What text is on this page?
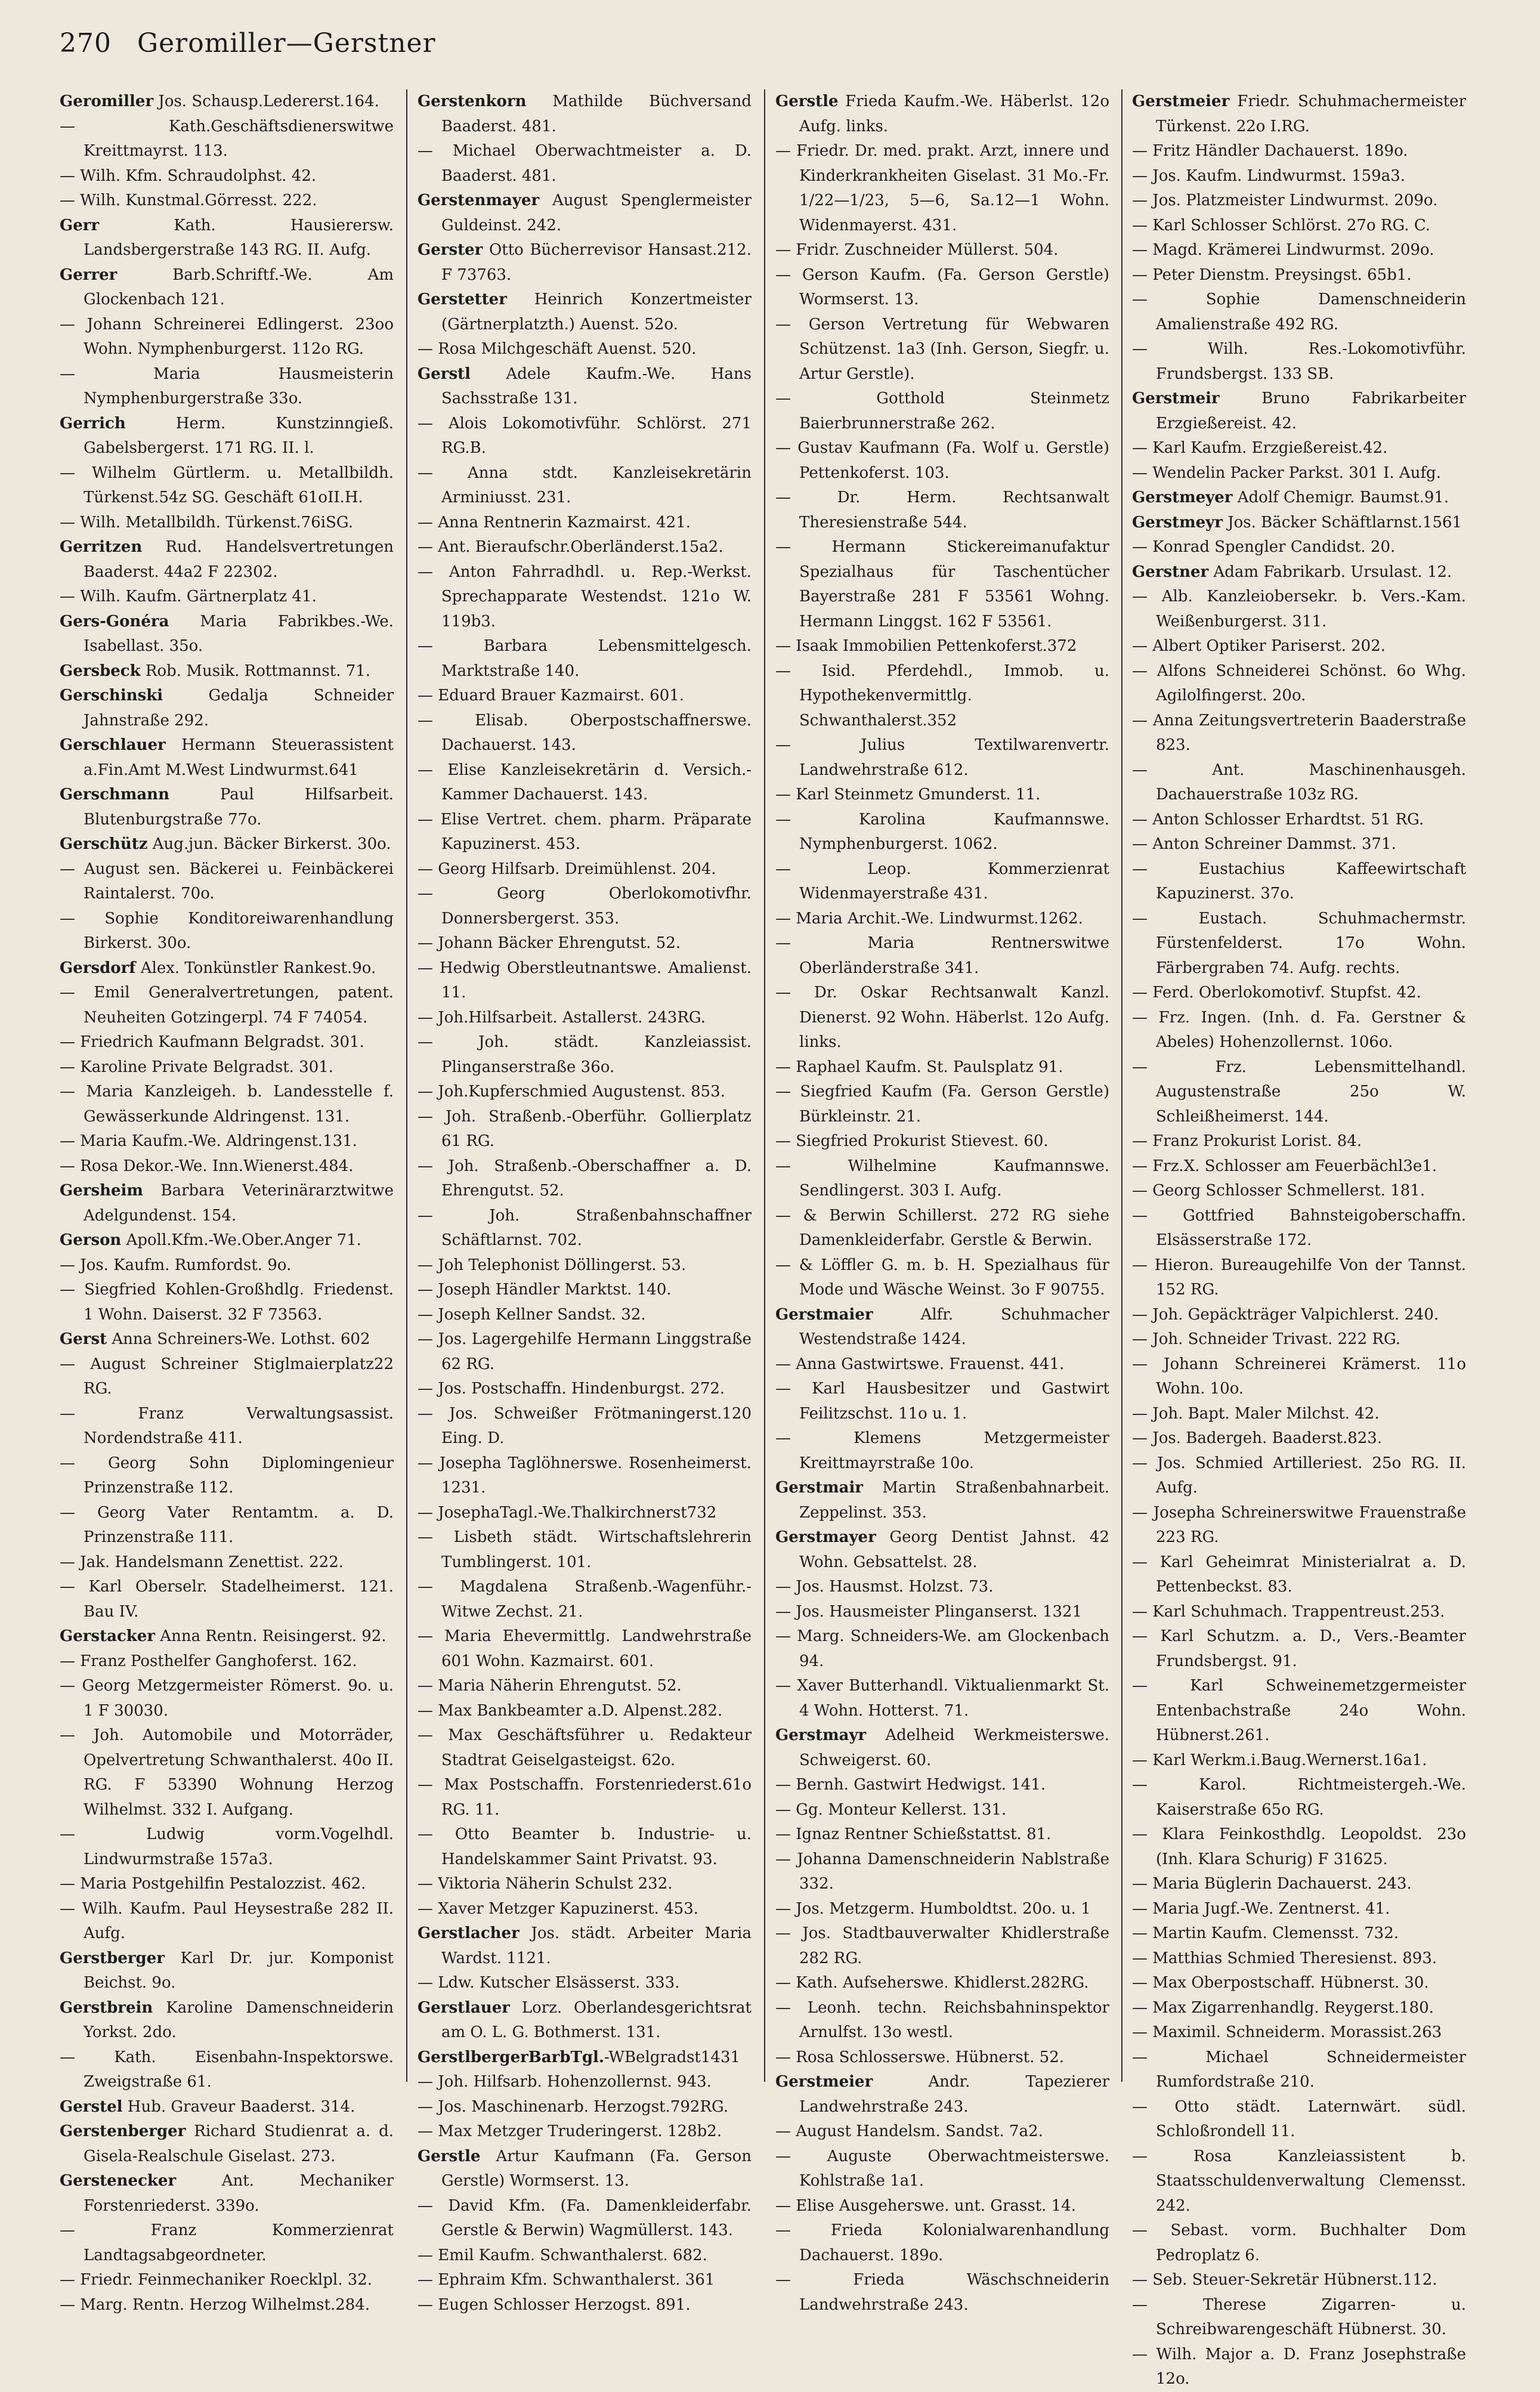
270 Geromiller—Gerstner

Geromiller Jos. Schausp.Ledererst.164.

— Kath.Geschäftsdienerswitwe Kreittmayrst. 113.

— Wilh. Kfm. Schraudolphst. 42.

— Wilh. Kunstmal.Görresst. 222.

Gerr Kath. Hausierersw. Landsbergerstraße 143 RG. II. Aufg.

Gerrer Barb.Schriftf.-We. Am Glockenbach 121.

— Johann Schreinerei Edlingerst. 23oo Wohn. Nymphenburgerst. 112o RG.

— Maria Hausmeisterin Nymphenburgerstraße 33o.

Gerrich Herm. Kunstzinngieß. Gabelsbergerst. 171 RG. II. l.

— Wilhelm Gürtlerm. u. Metallbildh. Türkenst.54z SG. Geschäft 61oII.H.

— Wilh. Metallbildh. Türkenst.76iSG.

Gerritzen Rud. Handelsvertretungen Baaderst. 44a2 F 22302.

— Wilh. Kaufm. Gärtnerplatz 41.

Gers-Gonéra Maria Fabrikbes.-We. Isabellast. 35o.

Gersbeck Rob. Musik. Rottmannst. 71.

Gerschinski Gedalja Schneider Jahnstraße 292.

Gerschlauer Hermann Steuerassistent a.Fin.Amt M.West Lindwurmst.641

Gerschmann Paul Hilfsarbeit. Blutenburgstraße 77o.

Gerschütz Aug.jun. Bäcker Birkerst. 30o.

— August sen. Bäckerei u. Feinbäckerei Raintalerst. 70o.

— Sophie Konditoreiwarenhandlung Birkerst. 30o.

Gersdorf Alex. Tonkünstler Rankest.9o.

— Emil Generalvertretungen, patent. Neuheiten Gotzingerpl. 74 F 74054.

— Friedrich Kaufmann Belgradst. 301.

— Karoline Private Belgradst. 301.

— Maria Kanzleigeh. b. Landesstelle f. Gewässerkunde Aldringenst. 131.

— Maria Kaufm.-We. Aldringenst.131.

— Rosa Dekor.-We. Inn.Wienerst.484.

Gersheim Barbara Veterinärarztwitwe Adelgundenst. 154.

Gerson Apoll.Kfm.-We.Ober.Anger 71.

— Jos. Kaufm. Rumfordst. 9o.

— Siegfried Kohlen-Großhdlg. Friedenst. 1 Wohn. Daiserst. 32 F 73563.

Gerst Anna Schreiners-We. Lothst. 602

— August Schreiner Stiglmaierplatz22 RG.

— Franz Verwaltungsassist. Nordendstraße 411.

— Georg Sohn Diplomingenieur Prinzenstraße 112.

— Georg Vater Rentamtm. a. D. Prinzenstraße 111.

— Jak. Handelsmann Zenettist. 222.

— Karl Oberselr. Stadelheimerst. 121. Bau IV.

Gerstacker Anna Rentn. Reisingerst. 92.

— Franz Posthelfer Ganghoferst. 162.

— Georg Metzgermeister Römerst. 9o. u. 1 F 30030.

— Joh. Automobile und Motorräder, Opelvertretung Schwanthalerst. 40o II. RG. F 53390 Wohnung Herzog Wilhelmst. 332 I. Aufgang.

— Ludwig vorm.Vogelhdl. Lindwurmstraße 157a3.

— Maria Postgehilfin Pestalozzist. 462.

— Wilh. Kaufm. Paul Heysestraße 282 II. Aufg.

Gerstberger Karl Dr. jur. Komponist Beichst. 9o.

Gerstbrein Karoline Damenschneiderin Yorkst. 2do.

— Kath. Eisenbahn-Inspektorswe. Zweigstraße 61.

Gerstel Hub. Graveur Baaderst. 314.

Gerstenberger Richard Studienrat a. d. Gisela-Realschule Giselast. 273.

Gerstenecker Ant. Mechaniker Forstenriederst. 339o.

— Franz Kommerzienrat Landtagsabgeordneter.

— Friedr. Feinmechaniker Roecklpl. 32.

— Marg. Rentn. Herzog Wilhelmst.284.

Gerstenkorn Mathilde Büchversand Baaderst. 481.

— Michael Oberwachtmeister a. D. Baaderst. 481.

Gerstenmayer August Spenglermeister Guldeinst. 242.

Gerster Otto Bücherrevisor Hansast.212. F 73763.

Gerstetter Heinrich Konzertmeister (Gärtnerplatzth.) Auenst. 52o.

— Rosa Milchgeschäft Auenst. 520.

Gerstl Adele Kaufm.-We. Hans Sachsstraße 131.

— Alois Lokomotivführ. Schlörst. 271 RG.B.

— Anna stdt. Kanzleisekretärin Arminiusst. 231.

— Anna Rentnerin Kazmairst. 421.

— Ant. Bieraufschr.Oberländerst.15a2.

— Anton Fahrradhdl. u. Rep.-Werkst. Sprechapparate Westendst. 121o W. 119b3.

— Barbara Lebensmittelgesch. Marktstraße 140.

— Eduard Brauer Kazmairst. 601.

— Elisab. Oberpostschaffnerswe. Dachauerst. 143.

— Elise Kanzleisekretärin d. Versich.-Kammer Dachauerst. 143.

— Elise Vertret. chem. pharm. Präparate Kapuzinerst. 453.

— Georg Hilfsarb. Dreimühlenst. 204.

— Georg Oberlokomotivfhr. Donnersbergerst. 353.

— Johann Bäcker Ehrengutst. 52.

— Hedwig Oberstleutnantswe. Amalienst. 11.

— Joh.Hilfsarbeit. Astallerst. 243RG.

— Joh. städt. Kanzleiassist. Plinganserstraße 36o.

— Joh.Kupferschmied Augustenst. 853.

— Joh. Straßenb.-Oberführ. Gollierplatz 61 RG.

— Joh. Straßenb.-Oberschaffner a. D. Ehrengutst. 52.

— Joh. Straßenbahnschaffner Schäftlarnst. 702.

— Joh Telephonist Döllingerst. 53.

— Joseph Händler Marktst. 140.

— Joseph Kellner Sandst. 32.

— Jos. Lagergehilfe Hermann Linggstraße 62 RG.

— Jos. Postschaffn. Hindenburgst. 272.

— Jos. Schweißer Frötmaningerst.120 Eing. D.

— Josepha Taglöhnerswe. Rosenheimerst. 1231.

— JosephaTagl.-We.Thalkirchnerst732

— Lisbeth städt. Wirtschaftslehrerin Tumblingerst. 101.

— Magdalena Straßenb.-Wagenführ.-Witwe Zechst. 21.

— Maria Ehevermittlg. Landwehrstraße 601 Wohn. Kazmairst. 601.

— Maria Näherin Ehrengutst. 52.

— Max Bankbeamter a.D. Alpenst.282.

— Max Geschäftsführer u. Redakteur Stadtrat Geiselgasteigst. 62o.

— Max Postschaffn. Forstenriederst.61o RG. 11.

— Otto Beamter b. Industrie- u. Handelskammer Saint Privatst. 93.

— Viktoria Näherin Schulst 232.

— Xaver Metzger Kapuzinerst. 453.

Gerstlacher Jos. städt. Arbeiter Maria Wardst. 1121.

— Ldw. Kutscher Elsässerst. 333.

Gerstlauer Lorz. Oberlandesgerichtsrat am O. L. G. Bothmerst. 131.

GerstlbergerBarbTgl.-WBelgradst1431

— Joh. Hilfsarb. Hohenzollernst. 943.

— Jos. Maschinenarb. Herzogst.792RG.

— Max Metzger Truderingerst. 128b2.

Gerstle Artur Kaufmann (Fa. Gerson Gerstle) Wormserst. 13.

— David Kfm. (Fa. Damenkleiderfabr. Gerstle & Berwin) Wagmüllerst. 143.

— Emil Kaufm. Schwanthalerst. 682.

— Ephraim Kfm. Schwanthalerst. 361

— Eugen Schlosser Herzogst. 891.

Gerstle Frieda Kaufm.-We. Häberlst. 12o Aufg. links.

— Friedr. Dr. med. prakt. Arzt, innere und Kinderkrankheiten Giselast. 31 Mo.-Fr. 1/22—1/23, 5—6, Sa.12—1 Wohn. Widenmayerst. 431.

— Fridr. Zuschneider Müllerst. 504.

— Gerson Kaufm. (Fa. Gerson Gerstle) Wormserst. 13.

— Gerson Vertretung für Webwaren Schützenst. 1a3 (Inh. Gerson, Siegfr. u. Artur Gerstle).

— Gotthold Steinmetz Baierbrunnerstraße 262.

— Gustav Kaufmann (Fa. Wolf u. Gerstle) Pettenkoferst. 103.

— Dr. Herm. Rechtsanwalt Theresienstraße 544.

— Hermann Stickereimanufaktur Spezialhaus für Taschentücher Bayerstraße 281 F 53561 Wohng. Hermann Linggst. 162 F 53561.

— Isaak Immobilien Pettenkoferst.372

— Isid. Pferdehdl., Immob. u. Hypothekenvermittlg. Schwanthalerst.352

— Julius Textilwarenvertr. Landwehrstraße 612.

— Karl Steinmetz Gmunderst. 11.

— Karolina Kaufmannswe. Nymphenburgerst. 1062.

— Leop. Kommerzienrat Widenmayerstraße 431.

— Maria Archit.-We. Lindwurmst.1262.

— Maria Rentnerswitwe Oberländerstraße 341.

— Dr. Oskar Rechtsanwalt Kanzl. Dienerst. 92 Wohn. Häberlst. 12o Aufg. links.

— Raphael Kaufm. St. Paulsplatz 91.

— Siegfried Kaufm (Fa. Gerson Gerstle) Bürkleinstr. 21.

— Siegfried Prokurist Stievest. 60.

— Wilhelmine Kaufmannswe. Sendlingerst. 303 I. Aufg.

— & Berwin Schillerst. 272 RG siehe Damenkleiderfabr. Gerstle & Berwin.

— & Löffler G. m. b. H. Spezialhaus für Mode und Wäsche Weinst. 3o F 90755.

Gerstmaier Alfr. Schuhmacher Westendstraße 1424.

— Anna Gastwirtswe. Frauenst. 441.

— Karl Hausbesitzer und Gastwirt Feilitzschst. 11o u. 1.

— Klemens Metzgermeister Kreittmayrstraße 10o.

Gerstmair Martin Straßenbahnarbeit. Zeppelinst. 353.

Gerstmayer Georg Dentist Jahnst. 42 Wohn. Gebsattelst. 28.

— Jos. Hausmst. Holzst. 73.

— Jos. Hausmeister Plinganserst. 1321

— Marg. Schneiders-We. am Glockenbach 94.

— Xaver Butterhandl. Viktualienmarkt St. 4 Wohn. Hotterst. 71.

Gerstmayr Adelheid Werkmeisterswe. Schweigerst. 60.

— Bernh. Gastwirt Hedwigst. 141.

— Gg. Monteur Kellerst. 131.

— Ignaz Rentner Schießstattst. 81.

— Johanna Damenschneiderin Nablstraße 332.

— Jos. Metzgerm. Humboldtst. 20o. u. 1

— Jos. Stadtbauverwalter Khidlerstraße 282 RG.

— Kath. Aufseherswe. Khidlerst.282RG.

— Leonh. techn. Reichsbahninspektor Arnulfst. 13o westl.

— Rosa Schlosserswe. Hübnerst. 52.

Gerstmeier Andr. Tapezierer Landwehrstraße 243.

— August Handelsm. Sandst. 7a2.

— Auguste Oberwachtmeisterswe. Kohlstraße 1a1.

— Elise Ausgeherswe. unt. Grasst. 14.

— Frieda Kolonialwarenhandlung Dachauerst. 189o.

— Frieda Wäschschneiderin Landwehrstraße 243.

Gerstmeier Friedr. Schuhmachermeister Türkenst. 22o I.RG.

— Fritz Händler Dachauerst. 189o.

— Jos. Kaufm. Lindwurmst. 159a3.

— Jos. Platzmeister Lindwurmst. 209o.

— Karl Schlosser Schlörst. 27o RG. C.

— Magd. Krämerei Lindwurmst. 209o.

— Peter Dienstm. Preysingst. 65b1.

— Sophie Damenschneiderin Amalienstraße 492 RG.

— Wilh. Res.-Lokomotivführ. Frundsbergst. 133 SB.

Gerstmeir Bruno Fabrikarbeiter Erzgießereist. 42.

— Karl Kaufm. Erzgießereist.42.

— Wendelin Packer Parkst. 301 I. Aufg.

Gerstmeyer Adolf Chemigr. Baumst.91.

Gerstmeyr Jos. Bäcker Schäftlarnst.1561

— Konrad Spengler Candidst. 20.

Gerstner Adam Fabrikarb. Ursulast. 12.

— Alb. Kanzleiobersekr. b. Vers.-Kam. Weißenburgerst. 311.

— Albert Optiker Pariserst. 202.

— Alfons Schneiderei Schönst. 6o Whg. Agilolfingerst. 20o.

— Anna Zeitungsvertreterin Baaderstraße 823.

— Ant. Maschinenhausgeh. Dachauerstraße 103z RG.

— Anton Schlosser Erhardtst. 51 RG.

— Anton Schreiner Dammst. 371.

— Eustachius Kaffeewirtschaft Kapuzinerst. 37o.

— Eustach. Schuhmachermstr. Fürstenfelderst. 17o Wohn. Färbergraben 74. Aufg. rechts.

— Ferd. Oberlokomotivf. Stupfst. 42.

— Frz. Ingen. (Inh. d. Fa. Gerstner & Abeles) Hohenzollernst. 106o.

— Frz. Lebensmittelhandl. Augustenstraße 25o W. Schleißheimerst. 144.

— Franz Prokurist Lorist. 84.

— Frz.X. Schlosser am Feuerbächl3e1.

— Georg Schlosser Schmellerst. 181.

— Gottfried Bahnsteigoberschaffn. Elsässerstraße 172.

— Hieron. Bureaugehilfe Von der Tannst. 152 RG.

— Joh. Gepäckträger Valpichlerst. 240.

— Joh. Schneider Trivast. 222 RG.

— Johann Schreinerei Krämerst. 11o Wohn. 10o.

— Joh. Bapt. Maler Milchst. 42.

— Jos. Badergeh. Baaderst.823.

— Jos. Schmied Artilleriest. 25o RG. II. Aufg.

— Josepha Schreinerswitwe Frauenstraße 223 RG.

— Karl Geheimrat Ministerialrat a. D. Pettenbeckst. 83.

— Karl Schuhmach. Trappentreust.253.

— Karl Schutzm. a. D., Vers.-Beamter Frundsbergst. 91.

— Karl Schweinemetzgermeister Entenbachstraße 24o Wohn. Hübnerst.261.

— Karl Werkm.i.Baug.Wernerst.16a1.

— Karol. Richtmeistergeh.-We. Kaiserstraße 65o RG.

— Klara Feinkosthdlg. Leopoldst. 23o (Inh. Klara Schurig) F 31625.

— Maria Büglerin Dachauerst. 243.

— Maria Jugf.-We. Zentnerst. 41.

— Martin Kaufm. Clemensst. 732.

— Matthias Schmied Theresienst. 893.

— Max Oberpostschaff. Hübnerst. 30.

— Max Zigarrenhandlg. Reygerst.180.

— Maximil. Schneiderm. Morassist.263

— Michael Schneidermeister Rumfordstraße 210.

— Otto städt. Laternwärt. südl. Schloßrondell 11.

— Rosa Kanzleiassistent b. Staatsschuldenverwaltung Clemensst. 242.

— Sebast. vorm. Buchhalter Dom Pedroplatz 6.

— Seb. Steuer-Sekretär Hübnerst.112.

— Therese Zigarren- u. Schreibwarengeschäft Hübnerst. 30.

— Wilh. Major a. D. Franz Josephstraße 12o.
